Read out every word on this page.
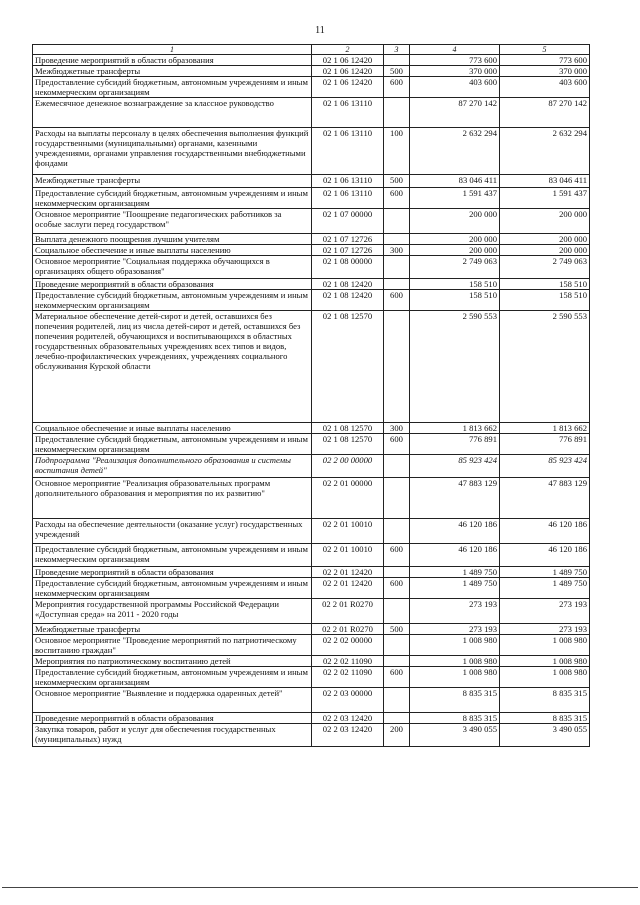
11
1	2	3	4	5
Проведение мероприятий в области образования	02 1 06 12420		773 600	773 600
Межбюджетные трансферты	02 1 06 12420	500	370 000	370 000
Предоставление субсидий бюджетным, автономным учреждениям и иным некоммерческим организациям	02 1 06 12420	600	403 600	403 600
Ежемесячное денежное вознаграждение за классное руководство	02 1 06 13110		87 270 142	87 270 142
Расходы на выплаты персоналу в целях обеспечения выполнения функций государственными (муниципальными) органами, казенными учреждениями, органами управления государственными внебюджетными фондами	02 1 06 13110	100	2 632 294	2 632 294
Межбюджетные трансферты	02 1 06 13110	500	83 046 411	83 046 411
Предоставление субсидий бюджетным, автономным учреждениям и иным некоммерческим организациям	02 1 06 13110	600	1 591 437	1 591 437
Основное мероприятие "Поощрение педагогических работников за особые заслуги перед государством"	02 1 07 00000		200 000	200 000
Выплата денежного поощрения лучшим учителям	02 1 07 12726		200 000	200 000
Социальное обеспечение и иные выплаты населению	02 1 07 12726	300	200 000	200 000
Основное мероприятие "Социальная поддержка обучающихся в организациях общего образования"	02 1 08 00000		2 749 063	2 749 063
Проведение мероприятий в области образования	02 1 08 12420		158 510	158 510
Предоставление субсидий бюджетным, автономным учреждениям и иным некоммерческим организациям	02 1 08 12420	600	158 510	158 510
Материальное обеспечение детей-сирот и детей, оставшихся без попечения родителей, лиц из числа детей-сирот и детей, оставшихся без попечения родителей, обучающихся и воспитывающихся в областных государственных образовательных учреждениях всех типов и видов, лечебно-профилактических учреждениях, учреждениях социального обслуживания Курской области	02 1 08 12570		2 590 553	2 590 553
Социальное обеспечение и иные выплаты населению	02 1 08 12570	300	1 813 662	1 813 662
Предоставление субсидий бюджетным, автономным учреждениям и иным некоммерческим организациям	02 1 08 12570	600	776 891	776 891
Подпрограмма "Реализация дополнительного образования и системы воспитания детей"	02 2 00 00000		85 923 424	85 923 424
Основное мероприятие "Реализация образовательных программ дополнительного образования и мероприятия по их развитию"	02 2 01 00000		47 883 129	47 883 129
Расходы на обеспечение деятельности (оказание услуг) государственных учреждений	02 2 01 10010		46 120 186	46 120 186
Предоставление субсидий бюджетным, автономным учреждениям и иным некоммерческим организациям	02 2 01 10010	600	46 120 186	46 120 186
Проведение мероприятий в области образования	02 2 01 12420		1 489 750	1 489 750
Предоставление субсидий бюджетным, автономным учреждениям и иным некоммерческим организациям	02 2 01 12420	600	1 489 750	1 489 750
Мероприятия государственной программы Российской Федерации «Доступная среда» на 2011 - 2020 годы	02 2 01 R0270		273 193	273 193
Межбюджетные трансферты	02 2 01 R0270	500	273 193	273 193
Основное мероприятие "Проведение мероприятий по патриотическому воспитанию граждан"	02 2 02 00000		1 008 980	1 008 980
Мероприятия по патриотическому воспитанию детей	02 2 02 11090		1 008 980	1 008 980
Предоставление субсидий бюджетным, автономным учреждениям и иным некоммерческим организациям	02 2 02 11090	600	1 008 980	1 008 980
Основное мероприятие "Выявление и поддержка одаренных детей"	02 2 03 00000		8 835 315	8 835 315
Проведение мероприятий в области образования	02 2 03 12420		8 835 315	8 835 315
Закупка товаров, работ и услуг для обеспечения государственных (муниципальных) нужд	02 2 03 12420	200	3 490 055	3 490 055
